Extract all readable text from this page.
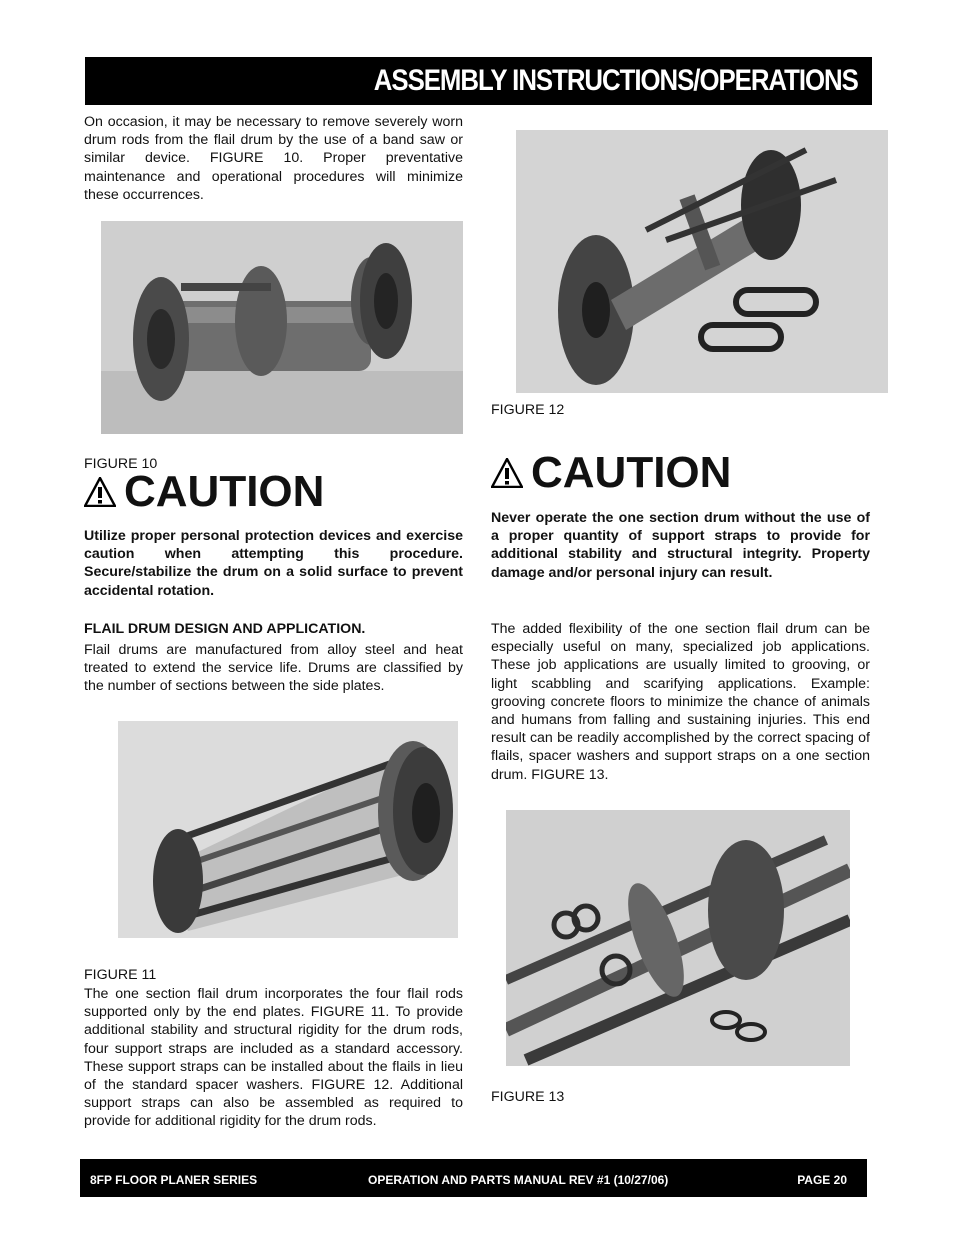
ASSEMBLY INSTRUCTIONS/OPERATIONS

On occasion, it may be necessary to remove severely worn drum rods from the flail drum by the use of a band saw or similar device. FIGURE 10. Proper preventative maintenance and operational procedures will minimize these occurrences.

FIGURE 10
CAUTION

Utilize proper personal protection devices and exercise caution when attempting this procedure. Secure/stabilize the drum on a solid surface to prevent accidental rotation.

FLAIL DRUM DESIGN AND APPLICATION.

Flail drums are manufactured from alloy steel and heat treated to extend the service life. Drums are classified by the number of sections between the side plates.

FIGURE 11

The one section flail drum incorporates the four flail rods supported only by the end plates. FIGURE 11. To provide additional stability and structural rigidity for the drum rods, four support straps are included as a standard accessory. These support straps can be installed about the flails in lieu of the standard spacer washers. FIGURE 12. Additional support straps can also be assembled as required to provide for additional rigidity for the drum rods.

FIGURE 12
CAUTION

Never operate the one section drum without the use of a proper quantity of support straps to provide for additional stability and structural integrity. Property damage and/or personal injury can result.

The added flexibility of the one section flail drum can be especially useful on many, specialized job applications. These job applications are usually limited to grooving, or light scabbling and scarifying applications. Example: grooving concrete floors to minimize the chance of animals and humans from falling and sustaining injuries. This end result can be readily accomplished by the correct spacing of flails, spacer washers and support straps on a one section drum. FIGURE 13.

FIGURE 13
8FP FLOOR PLANER SERIES	OPERATION AND PARTS MANUAL REV #1 (10/27/06)	PAGE 20
